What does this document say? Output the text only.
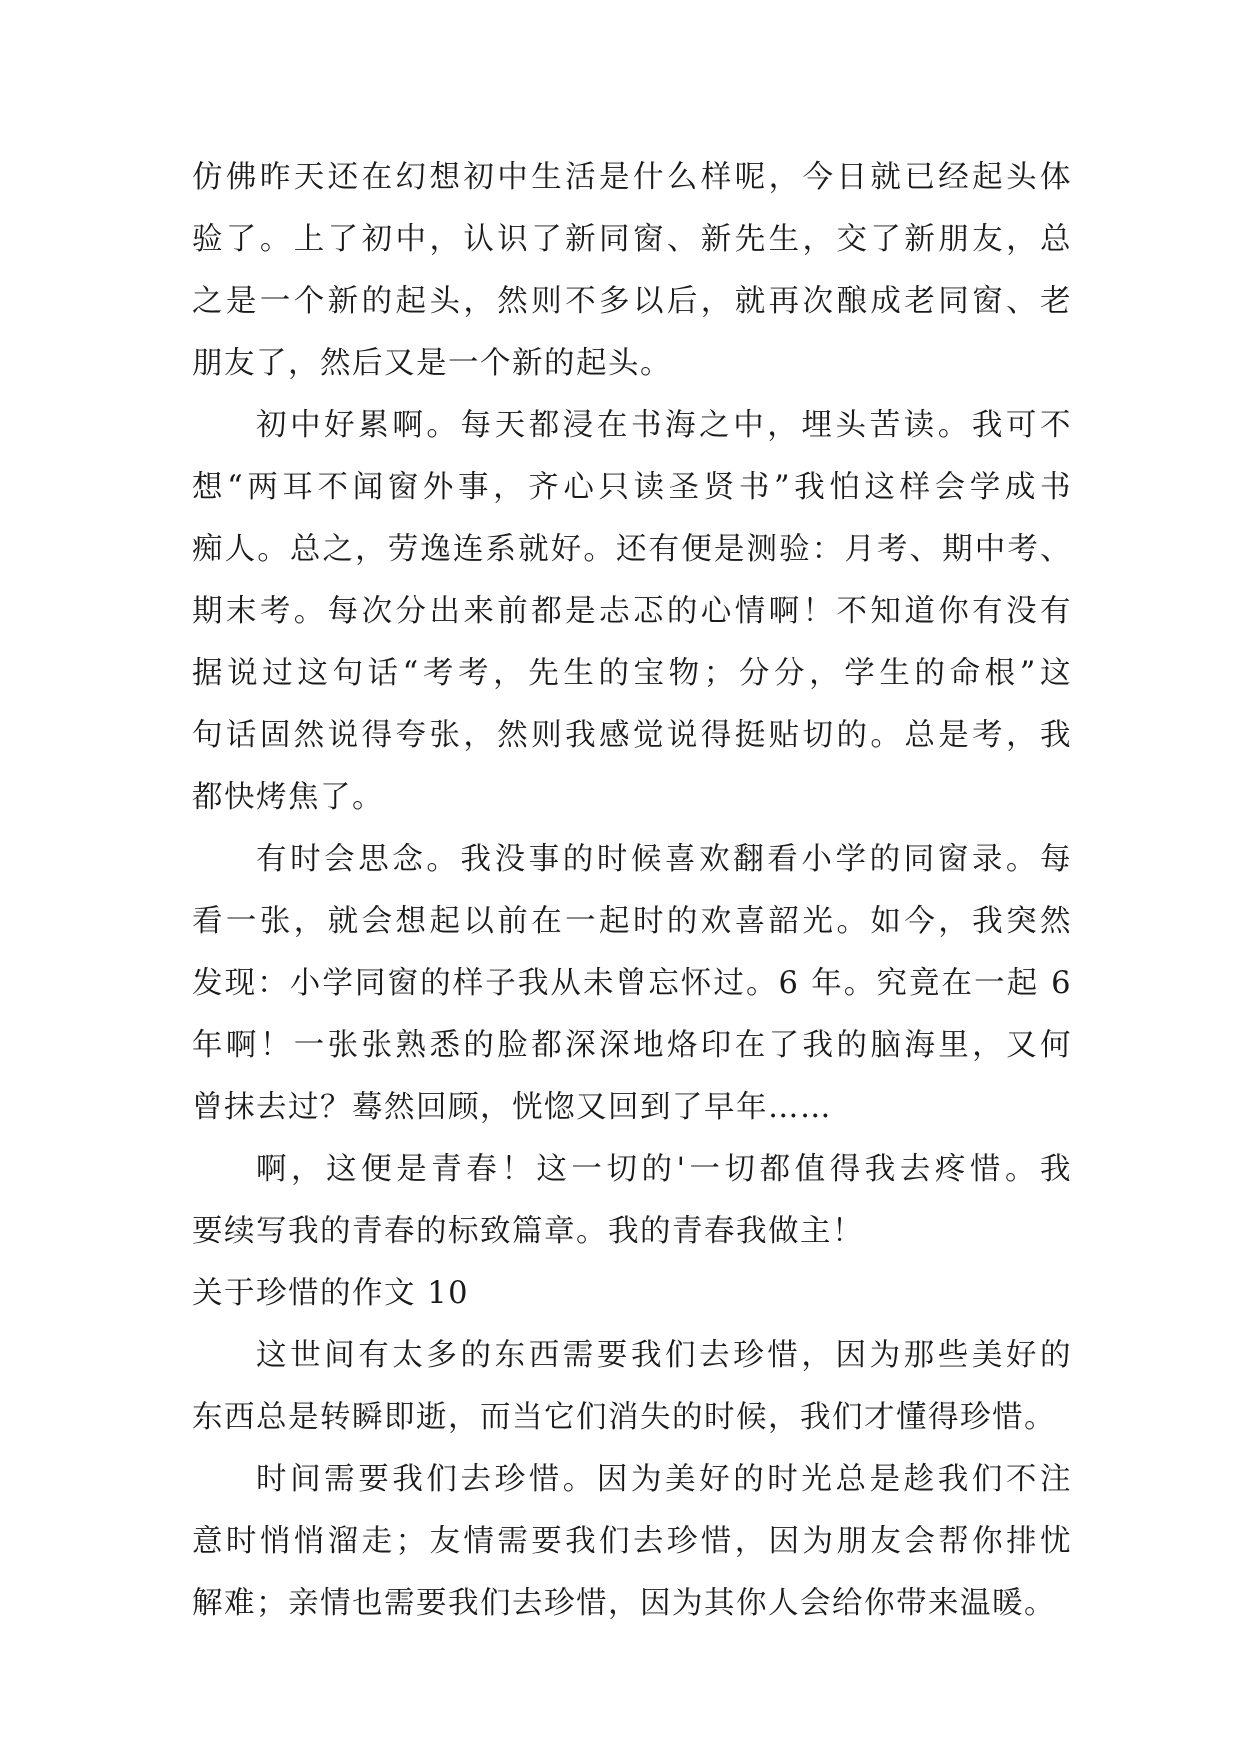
仿佛昨天还在幻想初中生活是什么样呢，今日就已经起头体
验了。上了初中，认识了新同窗、新先生，交了新朋友，总
之是一个新的起头，然则不多以后，就再次酿成老同窗、老
朋友了，然后又是一个新的起头。
初中好累啊。每天都浸在书海之中，埋头苦读。我可不
想“两耳不闻窗外事，齐心只读圣贤书”我怕这样会学成书
痴人。总之，劳逸连系就好。还有便是测验：月考、期中考、
期末考。每次分出来前都是忐忑的心情啊！不知道你有没有
据说过这句话“考考，先生的宝物；分分，学生的命根”这
句话固然说得夸张，然则我感觉说得挺贴切的。总是考，我
都快烤焦了。
有时会思念。我没事的时候喜欢翻看小学的同窗录。每
看一张，就会想起以前在一起时的欢喜韶光。如今，我突然
发现：小学同窗的样子我从未曾忘怀过。6 年。究竟在一起 6
年啊！一张张熟悉的脸都深深地烙印在了我的脑海里，又何
曾抹去过？蓦然回顾，恍惚又回到了早年……
啊，这便是青春！这一切的'一切都值得我去疼惜。我
要续写我的青春的标致篇章。我的青春我做主！
关于珍惜的作文 10
这世间有太多的东西需要我们去珍惜，因为那些美好的
东西总是转瞬即逝，而当它们消失的时候，我们才懂得珍惜。
时间需要我们去珍惜。因为美好的时光总是趁我们不注
意时悄悄溜走；友情需要我们去珍惜，因为朋友会帮你排忧
解难；亲情也需要我们去珍惜，因为其你人会给你带来温暖。
